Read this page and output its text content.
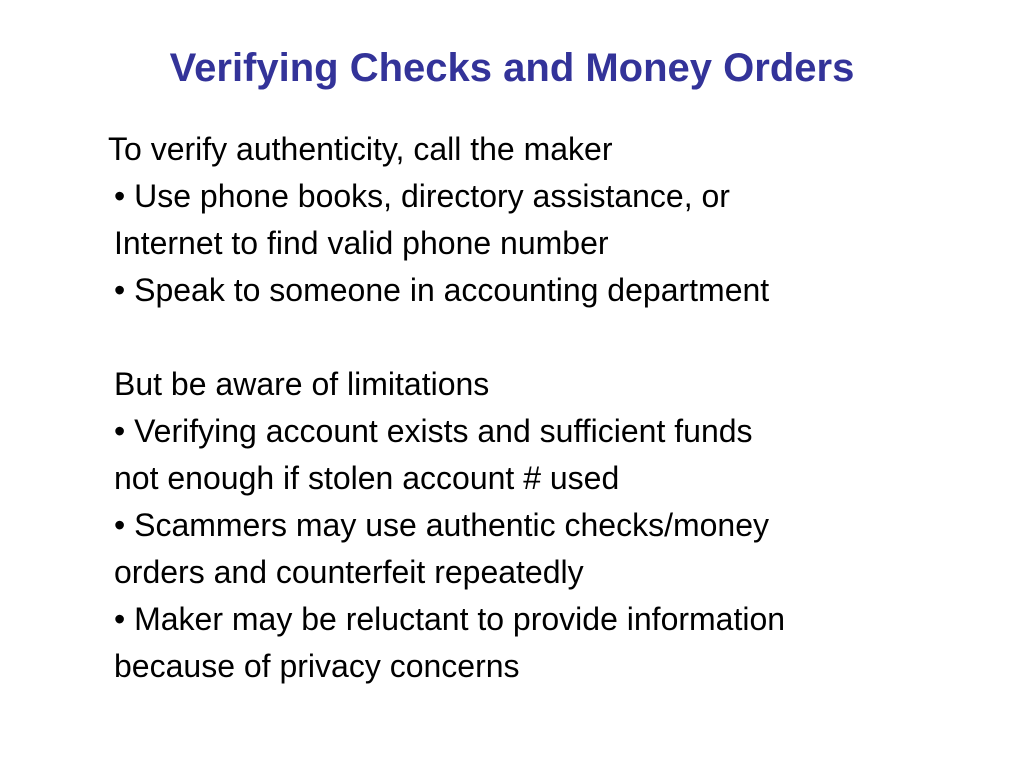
Verifying Checks and Money Orders
To verify authenticity, call the maker
• Use phone books, directory assistance, or
Internet to find valid phone number
• Speak to someone in accounting department
But be aware of limitations
• Verifying account exists and sufficient funds
not enough if stolen account # used
• Scammers may use authentic checks/money
orders and counterfeit repeatedly
• Maker may be reluctant to provide information
because of privacy concerns
